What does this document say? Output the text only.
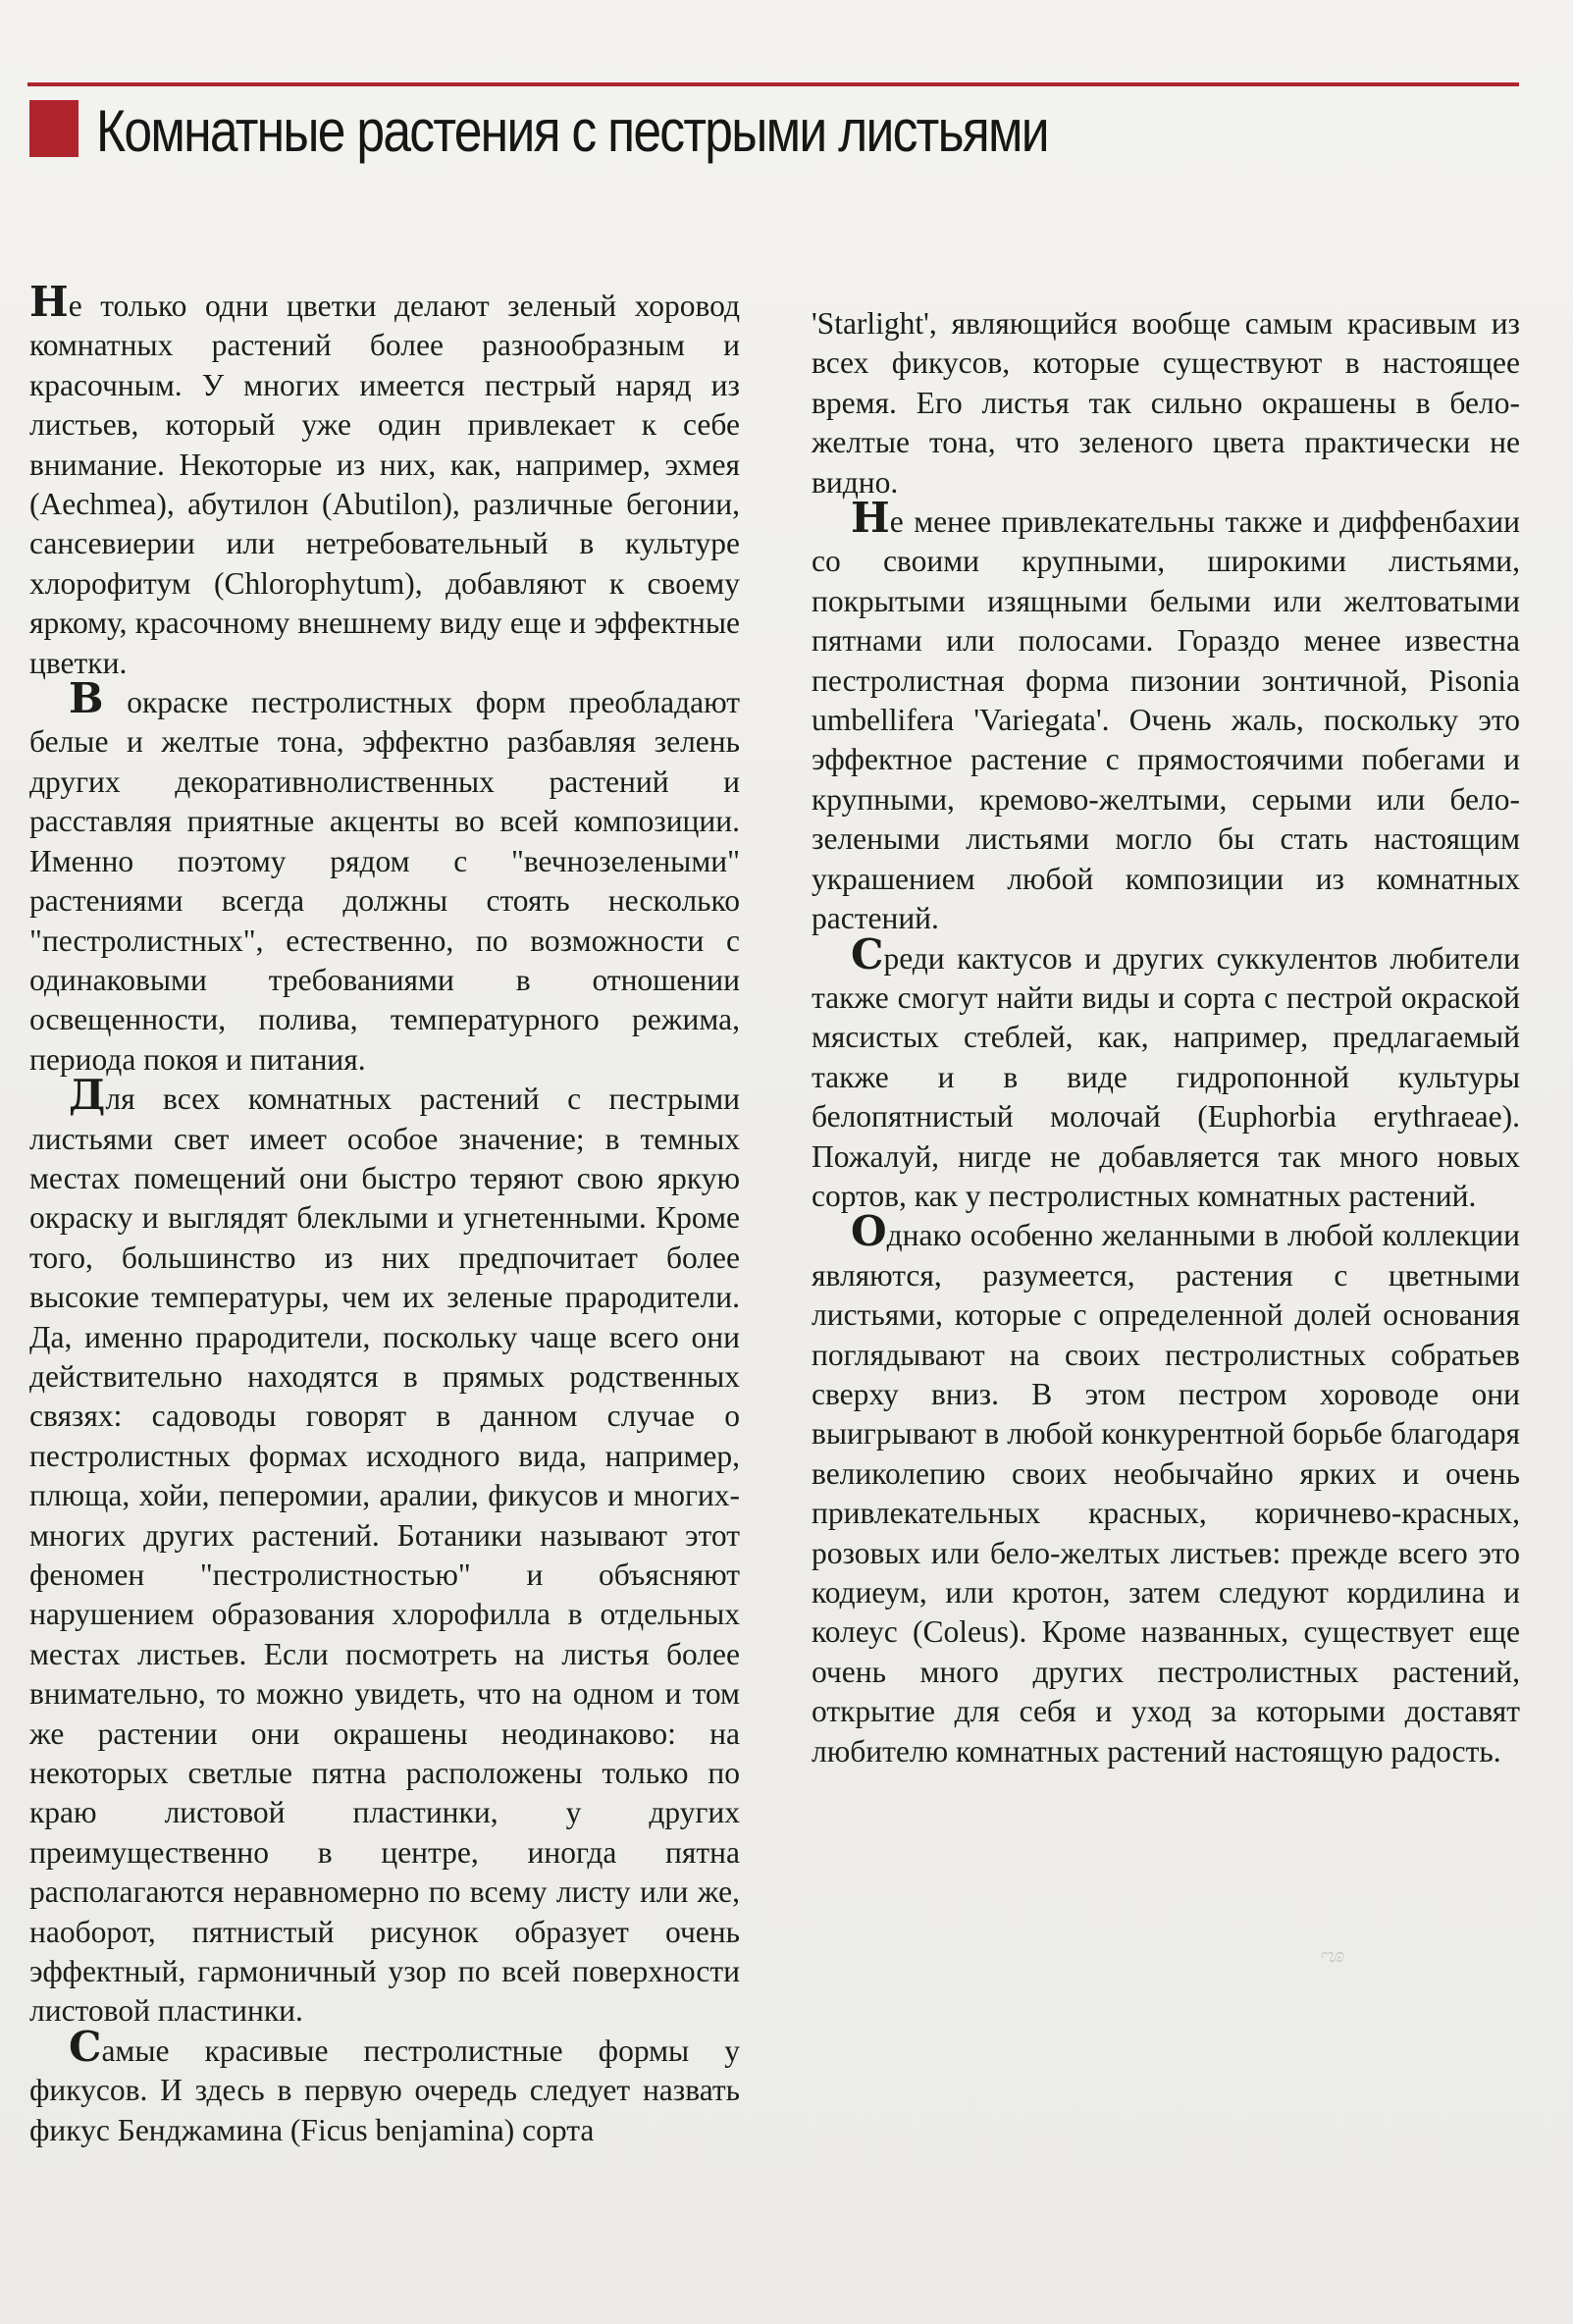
Комнатные растения с пестрыми листьями

Не только одни цветки делают зеленый хоровод комнатных растений более разнообразным и красочным. У многих имеется пестрый наряд из листьев, который уже один привлекает к себе внимание. Некоторые из них, как, например, эхмея (Aechmea), абутилон (Abutilon), различные бегонии, сансевиерии или нетребовательный в культуре хлорофитум (Chlorophytum), добавляют к своему яркому, красочному внешнему виду еще и эффектные цветки.

В окраске пестролистных форм преобладают белые и желтые тона, эффектно разбавляя зелень других декоративнолиственных растений и расставляя приятные акценты во всей композиции. Именно поэтому рядом с "вечнозелеными" растениями всегда должны стоять несколько "пестролистных", естественно, по возможности с одинаковыми требованиями в отношении освещенности, полива, температурного режима, периода покоя и питания.

Для всех комнатных растений с пестрыми листьями свет имеет особое значение; в темных местах помещений они быстро теряют свою яркую окраску и выглядят блеклыми и угнетенными. Кроме того, большинство из них предпочитает более высокие температуры, чем их зеленые прародители. Да, именно прародители, поскольку чаще всего они действительно находятся в прямых родственных связях: садоводы говорят в данном случае о пестролистных формах исходного вида, например, плюща, хойи, пеперомии, аралии, фикусов и многих-многих других растений. Ботаники называют этот феномен "пестролистностью" и объясняют нарушением образования хлорофилла в отдельных местах листьев. Если посмотреть на листья более внимательно, то можно увидеть, что на одном и том же растении они окрашены неодинаково: на некоторых светлые пятна расположены только по краю листовой пластинки, у других преимущественно в центре, иногда пятна располагаются неравномерно по всему листу или же, наоборот, пятнистый рисунок образует очень эффектный, гармоничный узор по всей поверхности листовой пластинки.

Самые красивые пестролистные формы у фикусов. И здесь в первую очередь следует назвать фикус Бенджамина (Ficus benjamina) сорта

'Starlight', являющийся вообще самым красивым из всех фикусов, которые существуют в настоящее время. Его листья так сильно окрашены в бело-желтые тона, что зеленого цвета практически не видно.

Не менее привлекательны также и диффенбахии со своими крупными, широкими листьями, покрытыми изящными белыми или желтоватыми пятнами или полосами. Гораздо менее известна пестролистная форма пизонии зонтичной, Pisonia umbellifera 'Variegata'. Очень жаль, поскольку это эффектное растение с прямостоячими побегами и крупными, кремово-желтыми, серыми или бело-зелеными листьями могло бы стать настоящим украшением любой композиции из комнатных растений.

Среди кактусов и других суккулентов любители также смогут найти виды и сорта с пестрой окраской мясистых стеблей, как, например, предлагаемый также и в виде гидропонной культуры белопятнистый молочай (Euphorbia erythraeae). Пожалуй, нигде не добавляется так много новых сортов, как у пестролистных комнатных растений.

Однако особенно желанными в любой коллекции являются, разумеется, растения с цветными листьями, которые с определенной долей основания поглядывают на своих пестролистных собратьев сверху вниз. В этом пестром хороводе они выигрывают в любой конкурентной борьбе благодаря великолепию своих необычайно ярких и очень привлекательных красных, коричнево-красных, розовых или бело-желтых листьев: прежде всего это кодиеум, или кротон, затем следуют кордилина и колеус (Coleus). Кроме названных, существует еще очень много других пестролистных растений, открытие для себя и уход за которыми доставят любителю комнатных растений настоящую радость.

ೡ
